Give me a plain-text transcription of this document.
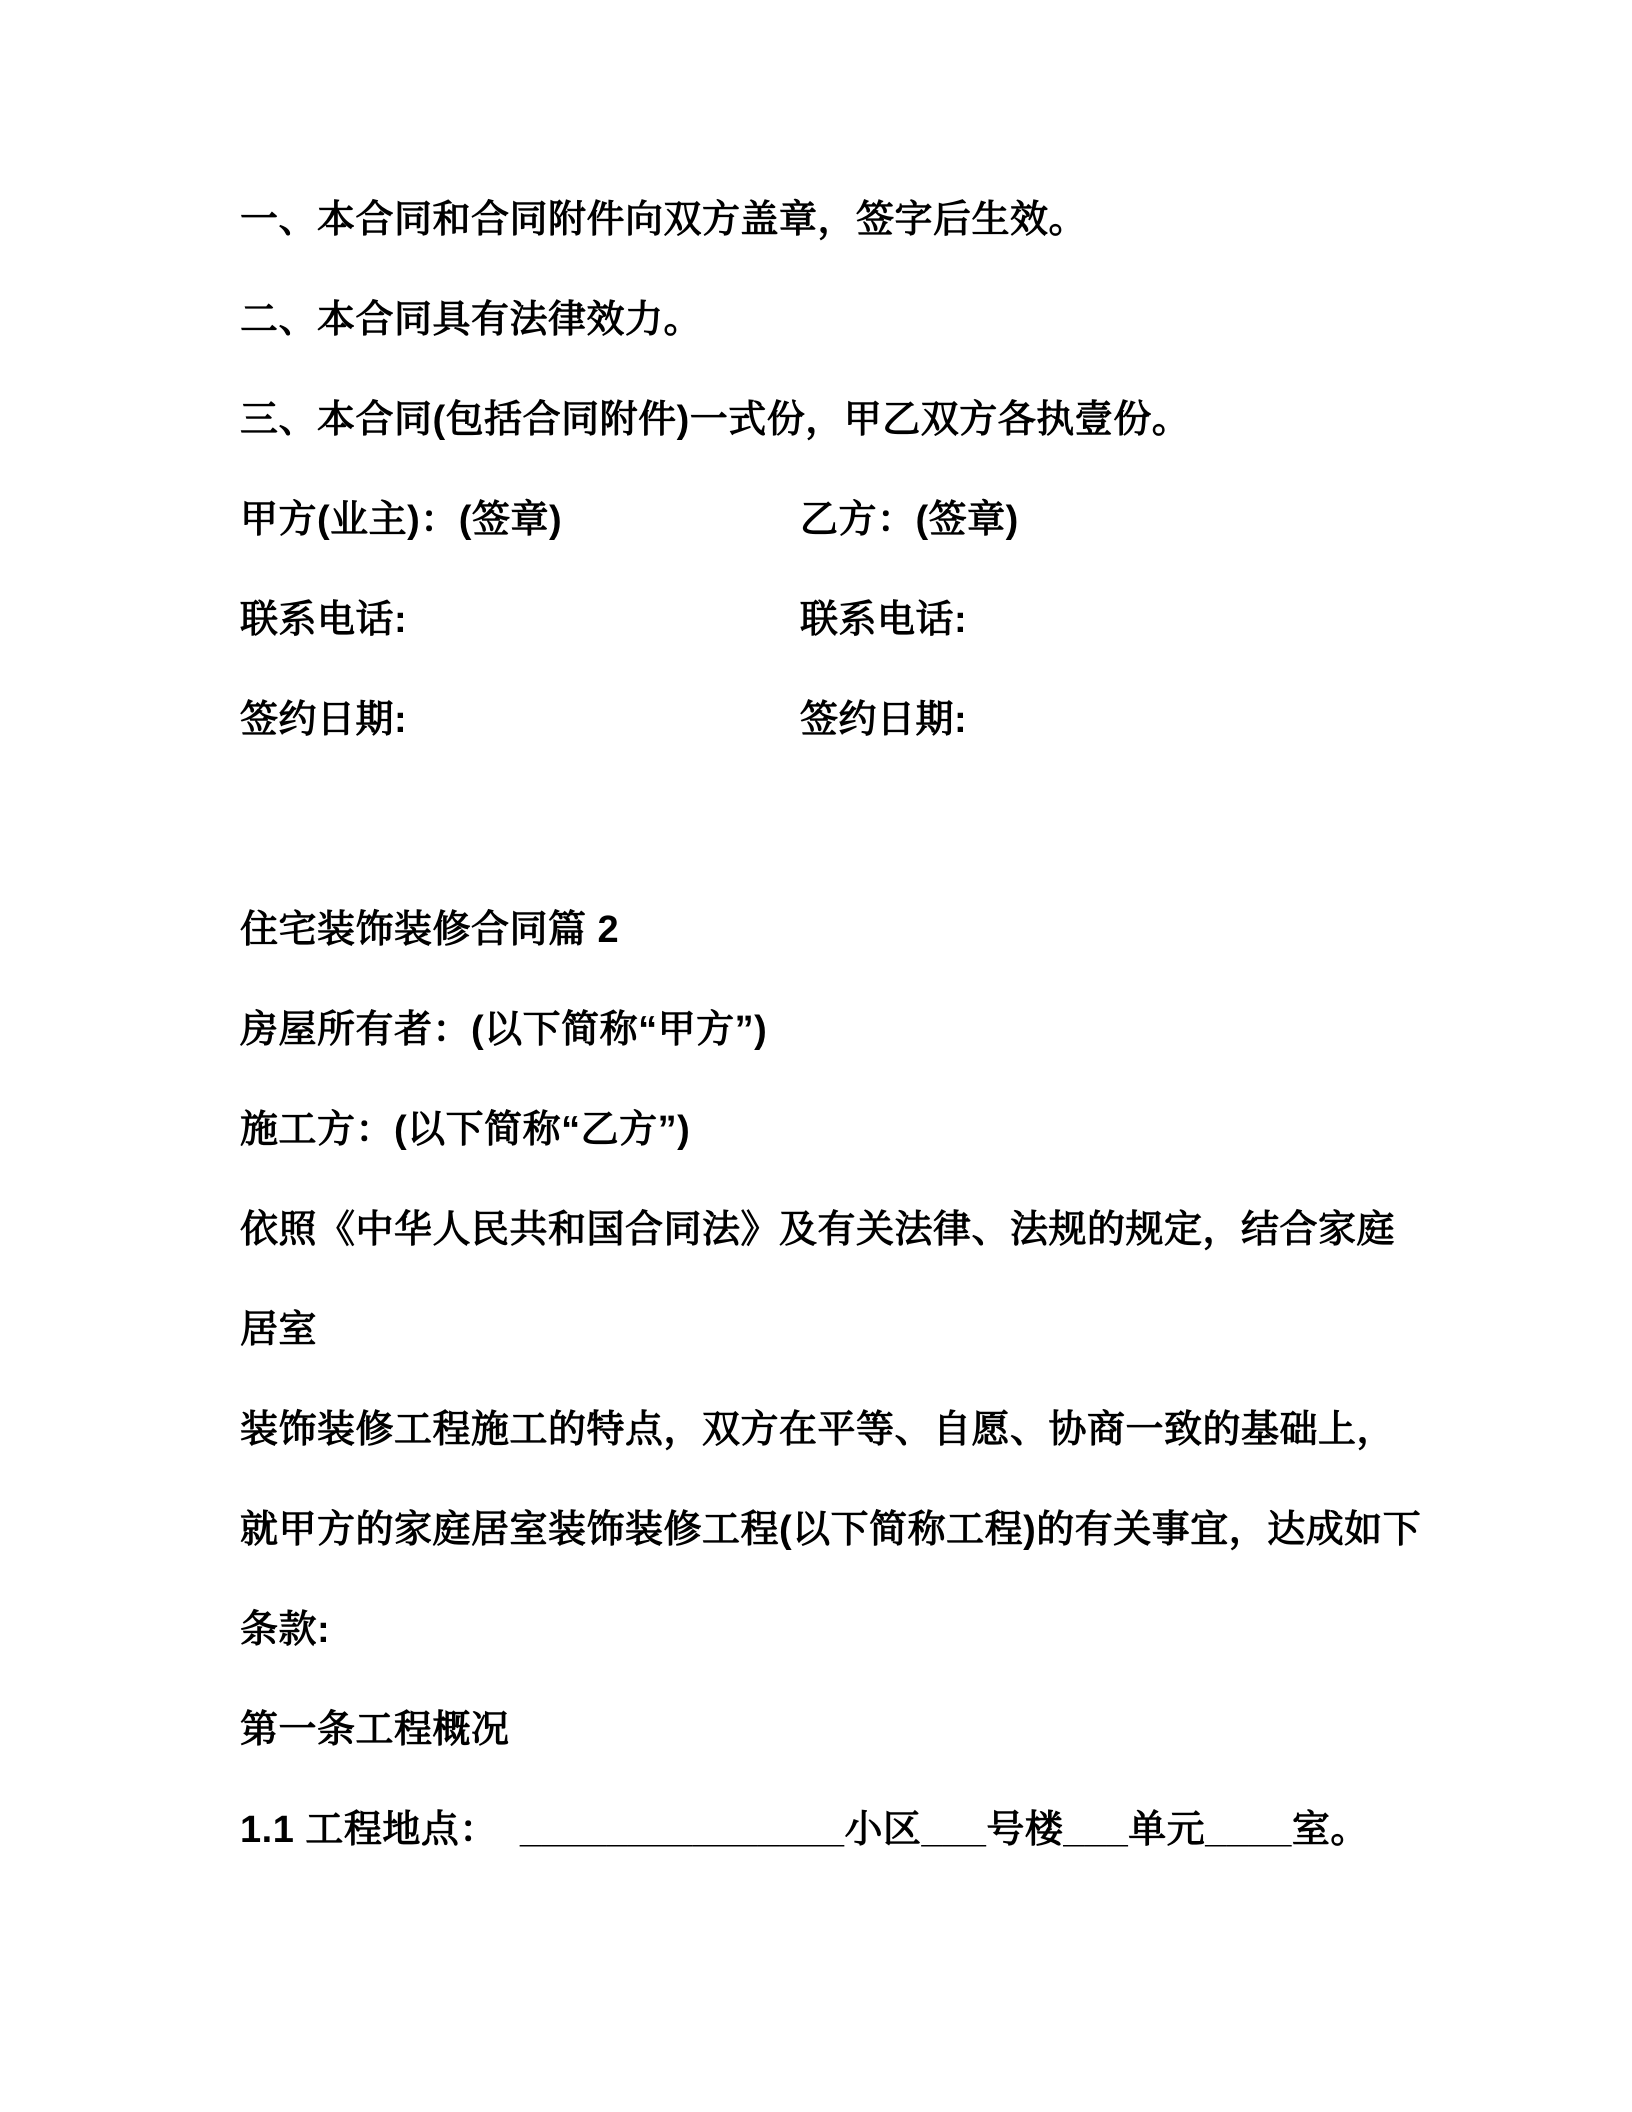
一、本合同和合同附件向双方盖章，签字后生效。
二、本合同具有法律效力。
三、本合同(包括合同附件)一式份，甲乙双方各执壹份。
甲方(业主)：(签章)	乙方：(签章)
联系电话:	联系电话:
签约日期:	签约日期:
住宅装饰装修合同篇 2
房屋所有者：(以下简称“甲方”)
施工方：(以下简称“乙方”)
依照《中华人民共和国合同法》及有关法律、法规的规定，结合家庭
居室
装饰装修工程施工的特点，双方在平等、自愿、协商一致的基础上，
就甲方的家庭居室装饰装修工程(以下简称工程)的有关事宜，达成如下
条款:
第一条工程概况
1.1 工程地点：  _______________小区___号楼___单元____室。
